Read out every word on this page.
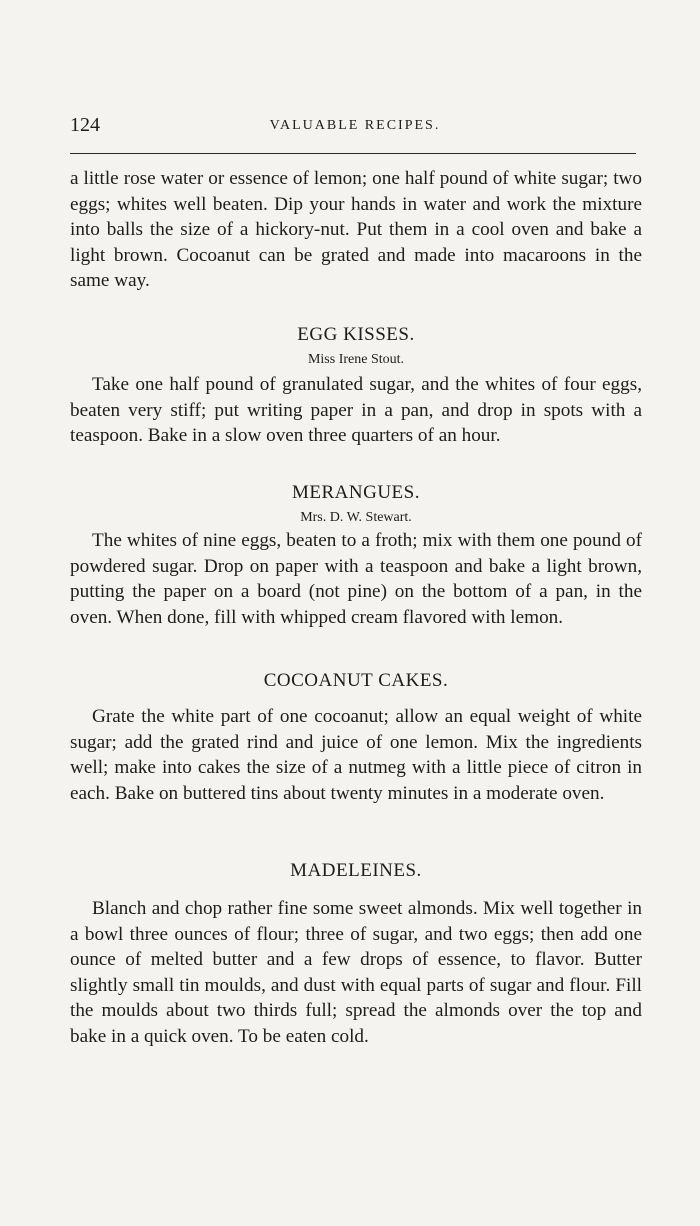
124	VALUABLE RECIPES.

a little rose water or essence of lemon; one half pound of white sugar; two eggs; whites well beaten. Dip your hands in water and work the mixture into balls the size of a hickory-nut. Put them in a cool oven and bake a light brown. Cocoanut can be grated and made into macaroons in the same way.

EGG KISSES.
Miss Irene Stout.

Take one half pound of granulated sugar, and the whites of four eggs, beaten very stiff; put writing paper in a pan, and drop in spots with a teaspoon. Bake in a slow oven three quarters of an hour.

MERANGUES.
Mrs. D. W. Stewart.

The whites of nine eggs, beaten to a froth; mix with them one pound of powdered sugar. Drop on paper with a teaspoon and bake a light brown, putting the paper on a board (not pine) on the bottom of a pan, in the oven. When done, fill with whipped cream flavored with lemon.

COCOANUT CAKES.

Grate the white part of one cocoanut; allow an equal weight of white sugar; add the grated rind and juice of one lemon. Mix the ingredients well; make into cakes the size of a nutmeg with a little piece of citron in each. Bake on buttered tins about twenty minutes in a moderate oven.

MADELEINES.

Blanch and chop rather fine some sweet almonds. Mix well together in a bowl three ounces of flour; three of sugar, and two eggs; then add one ounce of melted butter and a few drops of essence, to flavor. Butter slightly small tin moulds, and dust with equal parts of sugar and flour. Fill the moulds about two thirds full; spread the almonds over the top and bake in a quick oven. To be eaten cold.
